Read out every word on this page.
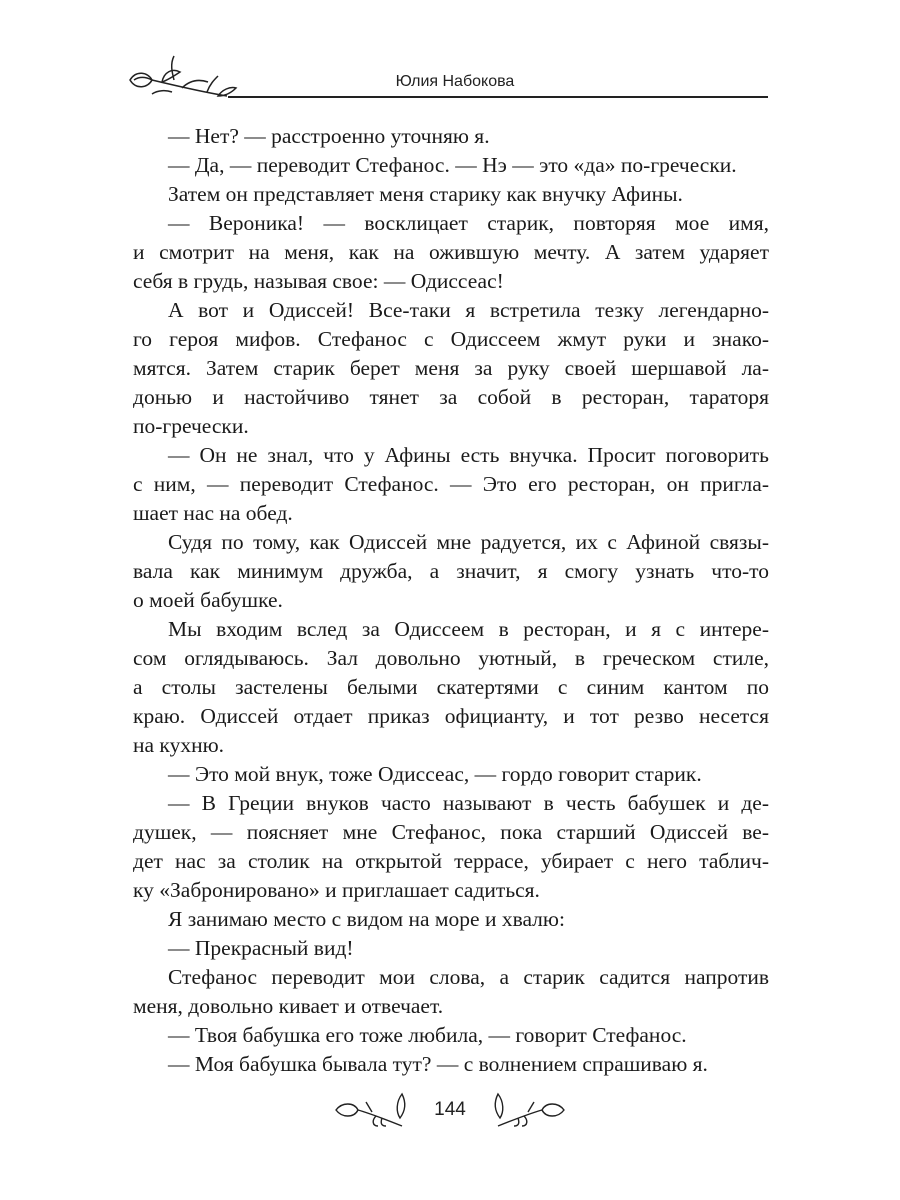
Юлия Набокова
— Нет? — расстроенно уточняю я.
— Да, — переводит Стефанос. — Нэ — это «да» по-гречески.
Затем он представляет меня старику как внучку Афины.
— Вероника! — восклицает старик, повторяя мое имя,
и смотрит на меня, как на ожившую мечту. А затем ударяет
себя в грудь, называя свое: — Одиссеас!
А вот и Одиссей! Все-таки я встретила тезку легендарно-
го героя мифов. Стефанос с Одиссеем жмут руки и знако-
мятся. Затем старик берет меня за руку своей шершавой ла-
донью и настойчиво тянет за собой в ресторан, тараторя
по-гречески.
— Он не знал, что у Афины есть внучка. Просит поговорить
с ним, — переводит Стефанос. — Это его ресторан, он пригла-
шает нас на обед.
Судя по тому, как Одиссей мне радуется, их с Афиной связы-
вала как минимум дружба, а значит, я смогу узнать что-то
о моей бабушке.
Мы входим вслед за Одиссеем в ресторан, и я с интере-
сом оглядываюсь. Зал довольно уютный, в греческом стиле,
а столы застелены белыми скатертями с синим кантом по
краю. Одиссей отдает приказ официанту, и тот резво несется
на кухню.
— Это мой внук, тоже Одиссеас, — гордо говорит старик.
— В Греции внуков часто называют в честь бабушек и де-
душек, — поясняет мне Стефанос, пока старший Одиссей ве-
дет нас за столик на открытой террасе, убирает с него таблич-
ку «Забронировано» и приглашает садиться.
Я занимаю место с видом на море и хвалю:
— Прекрасный вид!
Стефанос переводит мои слова, а старик садится напротив
меня, довольно кивает и отвечает.
— Твоя бабушка его тоже любила, — говорит Стефанос.
— Моя бабушка бывала тут? — с волнением спрашиваю я.
144
